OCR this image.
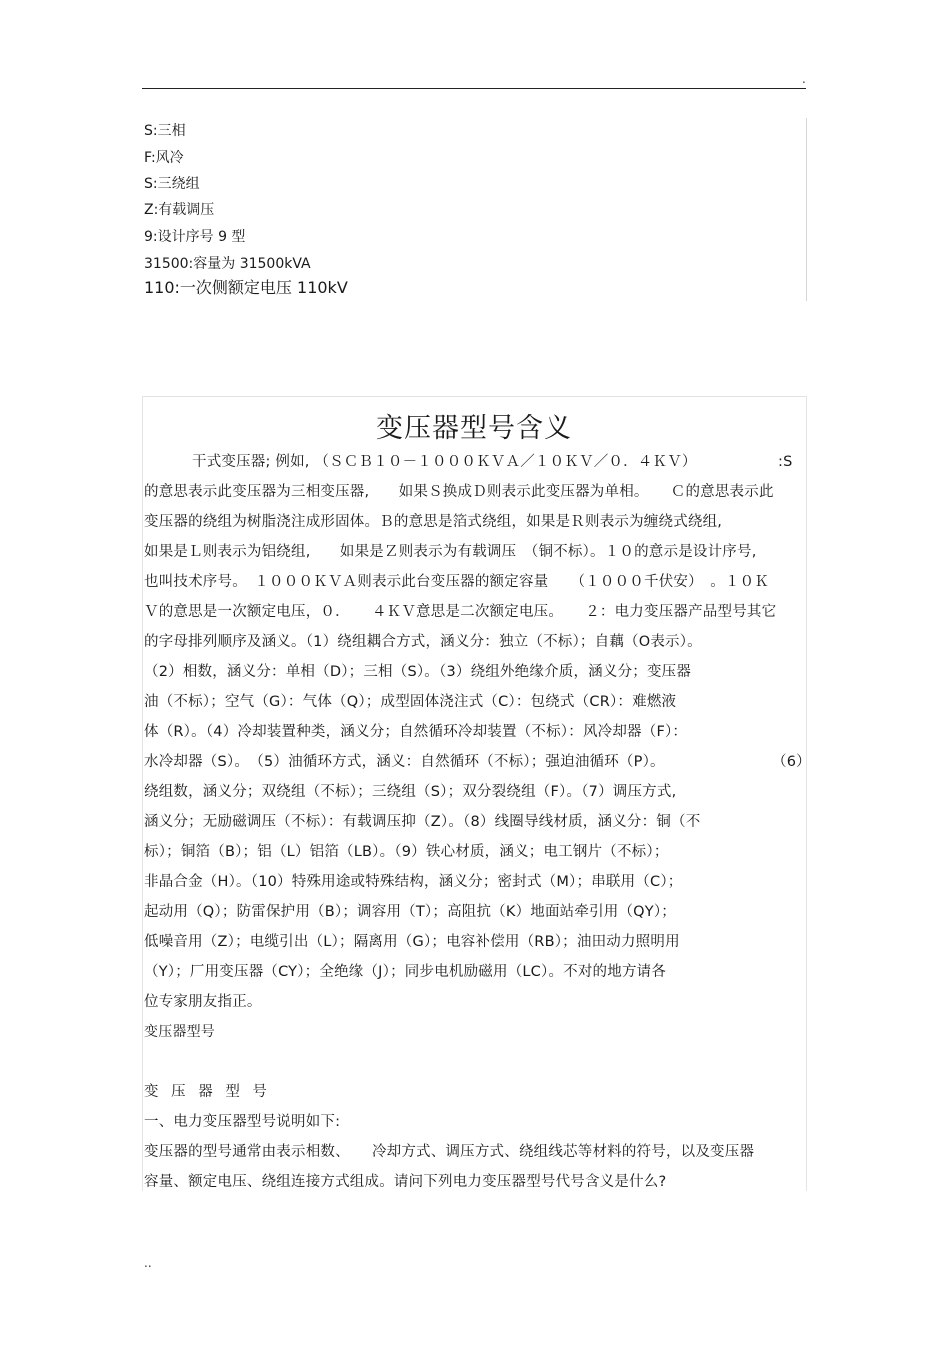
.
S:三相
F:风冷
S:三绕组
Z:有载调压
9:设计序号 9 型
31500:容量为 31500kVA
110:一次侧额定电压 110kV
变压器型号含义
干式变压器; 例如, （ＳＣＢ１０－１０００ＫＶＡ／１０ＫＶ／０．４ＫＶ）	:S
的意思表示此变压器为三相变压器,　　如果Ｓ换成Ｄ则表示此变压器为单相。　　Ｃ的意思表示此
变压器的绕组为树脂浇注成形固体。Ｂ的意思是箔式绕组，如果是Ｒ则表示为缠绕式绕组,
如果是Ｌ则表示为铝绕组,　　如果是Ｚ则表示为有载调压　（铜不标）。１０的意示是设计序号,
也叫技术序号。　１０００ＫＶＡ则表示此台变压器的额定容量　　（１０００千伏安）　。１０Ｋ
Ｖ的意思是一次额定电压，０．　　４ＫＶ意思是二次额定电压。　　２：电力变压器产品型号其它
的字母排列顺序及涵义。（1）绕组耦合方式，涵义分：独立（不标）；自藕（O表示）。
（2）相数，涵义分：单相（D）；三相（S）。（3）绕组外绝缘介质，涵义分；变压器
油（不标）；空气（G）：气体（Q）；成型固体浇注式（C）：包绕式（CR）：难燃液
体（R）。（4）冷却装置种类，涵义分；自然循环冷却装置（不标）：风冷却器（F）：
水冷却器（S）。　（5）油循环方式，涵义：自然循环（不标）；强迫油循环（P）。	（6）
绕组数，涵义分；双绕组（不标）；三绕组（S）；双分裂绕组（F）。（7）调压方式,
涵义分；无励磁调压（不标）：有载调压抑（Z）。（8）线圈导线材质，涵义分：铜（不
标）；铜箔（B）；铝（L）铝箔（LB）。（9）铁心材质，涵义；电工钢片（不标）；
非晶合金（H）。（10）特殊用途或特殊结构，涵义分；密封式（M）；串联用（C）；
起动用（Q）；防雷保护用（B）；调容用（T）；高阻抗（K）地面站牵引用（QY）；
低噪音用（Z）；电缆引出（L）；隔离用（G）；电容补偿用（RB）；油田动力照明用
（Y）；厂用变压器（CY）；全绝缘（J）；同步电机励磁用（LC）。不对的地方请各
位专家朋友指正。
变压器型号
变 压 器 型 号
一、电力变压器型号说明如下:
变压器的型号通常由表示相数、　　冷却方式、调压方式、绕组线芯等材料的符号，以及变压器
容量、额定电压、绕组连接方式组成。请问下列电力变压器型号代号含义是什么?
..
